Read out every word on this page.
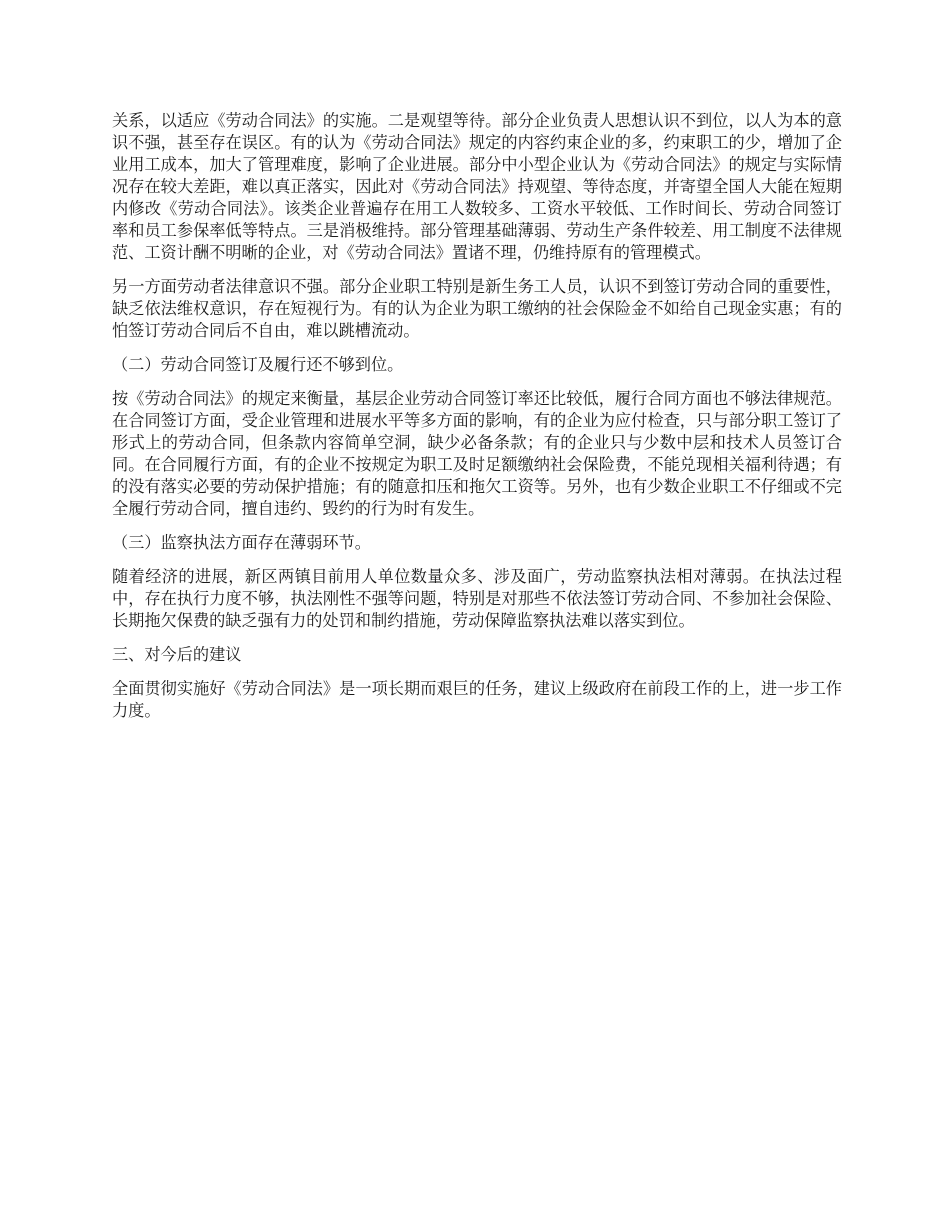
关系，以适应《劳动合同法》的实施。二是观望等待。部分企业负责人思想认识不到位，以人为本的意识不强，甚至存在误区。有的认为《劳动合同法》规定的内容约束企业的多，约束职工的少，增加了企业用工成本，加大了管理难度，影响了企业进展。部分中小型企业认为《劳动合同法》的规定与实际情况存在较大差距，难以真正落实，因此对《劳动合同法》持观望、等待态度，并寄望全国人大能在短期内修改《劳动合同法》。该类企业普遍存在用工人数较多、工资水平较低、工作时间长、劳动合同签订率和员工参保率低等特点。三是消极维持。部分管理基础薄弱、劳动生产条件较差、用工制度不法律规范、工资计酬不明晰的企业，对《劳动合同法》置诸不理，仍维持原有的管理模式。

另一方面劳动者法律意识不强。部分企业职工特别是新生务工人员，认识不到签订劳动合同的重要性，缺乏依法维权意识，存在短视行为。有的认为企业为职工缴纳的社会保险金不如给自己现金实惠；有的怕签订劳动合同后不自由，难以跳槽流动。

（二）劳动合同签订及履行还不够到位。

按《劳动合同法》的规定来衡量，基层企业劳动合同签订率还比较低，履行合同方面也不够法律规范。在合同签订方面，受企业管理和进展水平等多方面的影响，有的企业为应付检查，只与部分职工签订了形式上的劳动合同，但条款内容简单空洞，缺少必备条款；有的企业只与少数中层和技术人员签订合同。在合同履行方面，有的企业不按规定为职工及时足额缴纳社会保险费，不能兑现相关福利待遇；有的没有落实必要的劳动保护措施；有的随意扣压和拖欠工资等。另外，也有少数企业职工不仔细或不完全履行劳动合同，擅自违约、毁约的行为时有发生。

（三）监察执法方面存在薄弱环节。

随着经济的进展，新区两镇目前用人单位数量众多、涉及面广，劳动监察执法相对薄弱。在执法过程中，存在执行力度不够，执法刚性不强等问题，特别是对那些不依法签订劳动合同、不参加社会保险、长期拖欠保费的缺乏强有力的处罚和制约措施，劳动保障监察执法难以落实到位。

三、对今后的建议

全面贯彻实施好《劳动合同法》是一项长期而艰巨的任务，建议上级政府在前段工作的上，进一步工作力度。
